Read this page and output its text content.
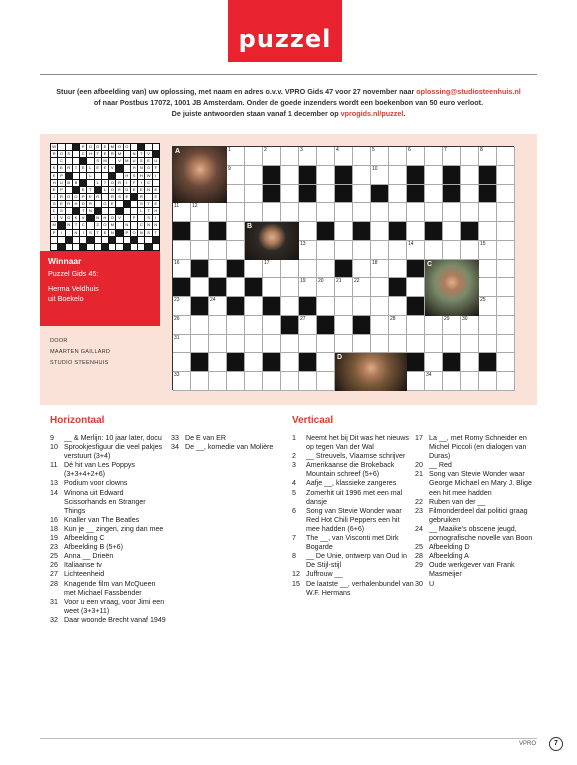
puzzel
Stuur (een afbeelding van) uw oplossing, met naam en adres o.v.v. VPRO Gids 47 voor 27 november naar oplossing@studiosteenhuis.nl
of naar Postbus 17072, 1001 JB Amsterdam. Onder de goede inzenders wordt een boekenbon van 50 euro verloot.
De juiste antwoorden staan vanaf 1 december op vprogids.nl/puzzel.
W	P	O	O	E	M	O	O
R	O	S	C	H	T	E	R	M	N	T	V
C	S	M	V	M	U	S	E	U
K	E	R	T	E	L	E	E	V	H	N	G	F
E	P	L	H	S	H W	I
H	U	B	B	L	T	O	R	I	F	I	C
E	P	E	T	L	O	E	D	E	E	N	E
I	R	O	O	P	E	R	R	S	E	R	E
G	E	R	H	D	R	G	E	S	T	E
L	S	T	N	L	T	H
I	V	O	K	V	N	H	O	V	P	S	I
M	N	T	C	Z	O	M	N	C	N	N
P	I	N	I	S	T	E	N	P	O	N	S	T
Winnaar
Puzzel Gids 45:
Herma Veldhuis
uit Boekelo
DOOR
MAARTEN GAILLARD
STUDIO STEENHUIS
1	2	3	4	5	6	7	8
9	10
11	12
13	14	15
16	17	18
19 20 21 22
23	24	25
26	27	28	29 30
31
33	34
A
B
C
D
Horizontaal
9	__ & Merlijn: 10 jaar later, docu
10 Sprookjesfiguur die veel pakjes verstuurt (3+4)
11 Dé hit van Les Poppys (3+3+4+2+6)
13 Podium voor clowns
14 Winona uit Edward Scissorhands en Stranger Things
16 Knaller van The Beatles
18 Kun je __ zingen, zing dan mee
19 Afbeelding C
23 Afbeelding B (5+6)
25 Anna __ Drieën
26 Italiaanse tv
27 Lichteenheid
28 Knagende film van McQueen met Michael Fassbender
31 Voor u een vraag, voor Jimi een weet (3+3+11)
32 Daar woonde Brecht vanaf 1949
33 De E van ER
34 De __, komedie van Molière
Verticaal
1	Neemt het bij Dit was het nieuws op tegen Van der Wal
2	__ Streuvels, Vlaamse schrijver
3	Amerikaanse die Brokeback Mountain schreef (5+6)
4	Aafje __, klassieke zangeres
5	Zomerhit uit 1996 met een mal dansje
6	Song van Stevie Wonder waar Red Hot Chili Peppers een hit mee hadden (6+6)
7	The __, van Visconti met Dirk Bogarde
8	__ De Unie, ontwerp van Oud in De Stijl-stijl
12 Juffrouw __
15 De laatste __, verhalenbundel van W.F. Hermans
17 La __, met Romy Schneider en Michel Piccoli (en dialogen van Duras)
20 __ Red
21 Song van Stevie Wonder waar George Michael en Mary J. Blige een hit mee hadden
22 Ruben van der __
23 Filmonderdeel dat politici graag gebruiken
24 __ Maaike's obscene jeugd, pornografische novelle van Boon
25 Afbeelding D
28 Afbeelding A
29 Oude werkgever van Frank Masmeijer
30 U
VPRO	7
